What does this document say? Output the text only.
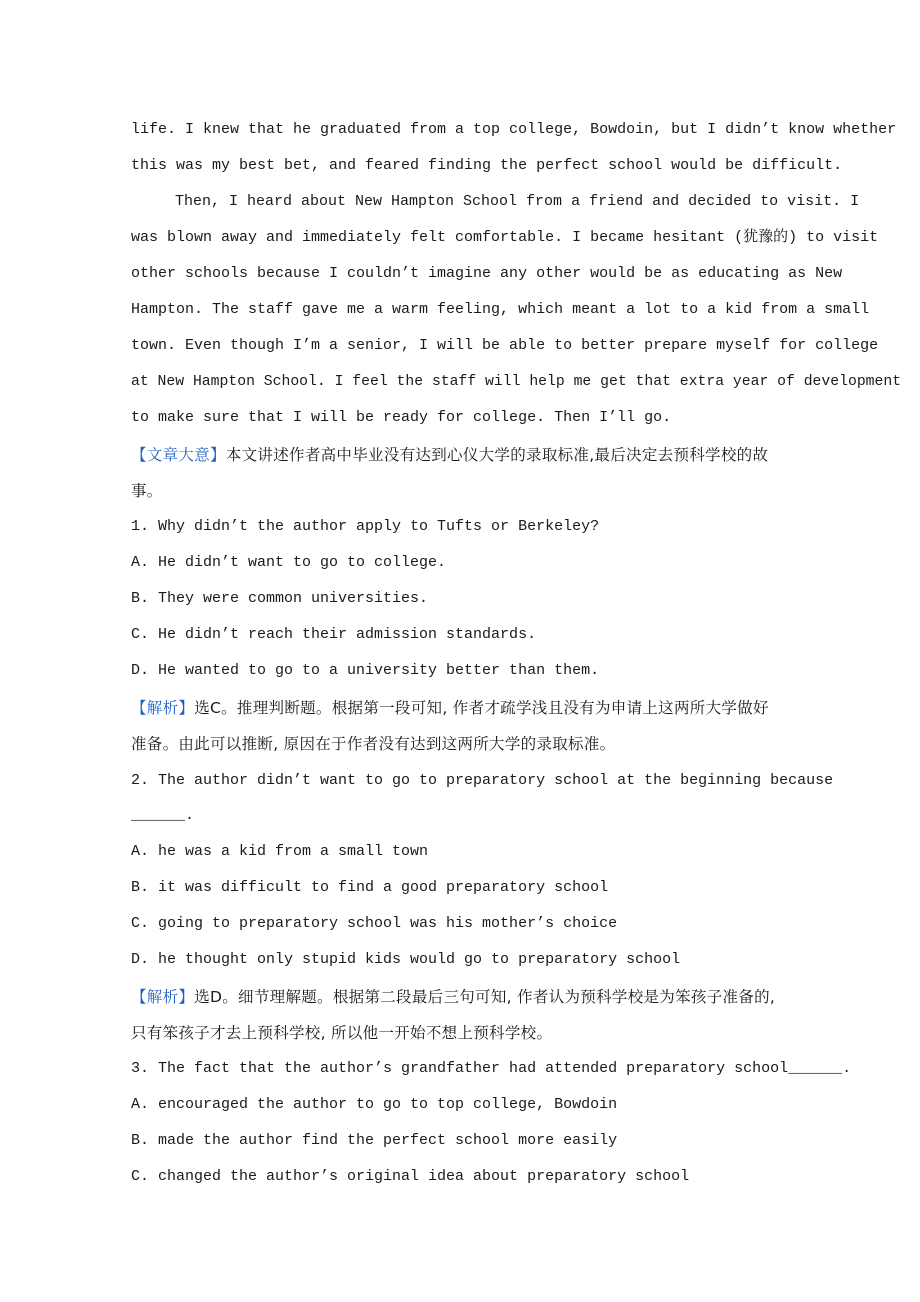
life. I knew that he graduated from a top college, Bowdoin, but I didn’t know whether
this was my best bet, and feared finding the perfect school would be difficult.
Then, I heard about New Hampton School from a friend and decided to visit. I
was blown away and immediately felt comfortable. I became hesitant (犹豫的) to visit
other schools because I couldn’t imagine any other would be as educating as New
Hampton. The staff gave me a warm feeling, which meant a lot to a kid from a small
town. Even though I’m a senior, I will be able to better prepare myself for college
at New Hampton School. I feel the staff will help me get that extra year of development
to make sure that I will be ready for college. Then I’ll go.
【文章大意】本文讲述作者高中毕业没有达到心仪大学的录取标准,最后决定去预科学校的故
事。
1. Why didn’t the author apply to Tufts or Berkeley?
A. He didn’t want to go to college.
B. They were common universities.
C. He didn’t reach their admission standards.
D. He wanted to go to a university better than them.
【解析】选C。推理判断题。根据第一段可知, 作者才疏学浅且没有为申请上这两所大学做好
准备。由此可以推断, 原因在于作者没有达到这两所大学的录取标准。
2. The author didn’t want to go to preparatory school at the beginning because
______.
A. he was a kid from a small town
B. it was difficult to find a good preparatory school
C. going to preparatory school was his mother’s choice
D. he thought only stupid kids would go to preparatory school
【解析】选D。细节理解题。根据第二段最后三句可知, 作者认为预科学校是为笨孩子准备的,
只有笨孩子才去上预科学校, 所以他一开始不想上预科学校。
3. The fact that the author’s grandfather had attended preparatory school______.
A. encouraged the author to go to top college, Bowdoin
B. made the author find the perfect school more easily
C. changed the author’s original idea about preparatory school
